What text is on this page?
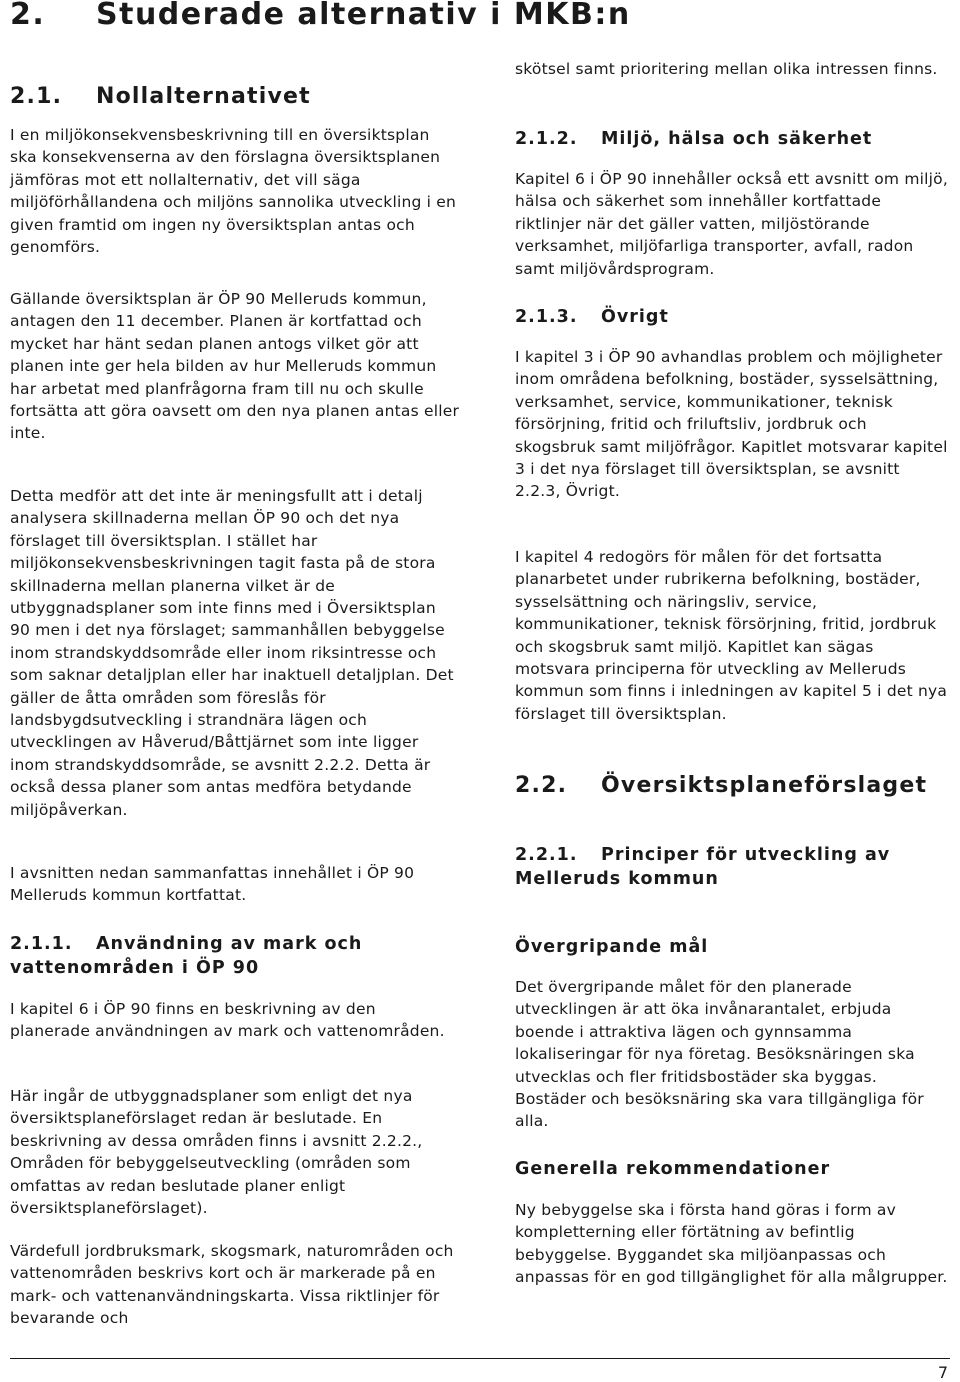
2. Studerade alternativ i MKB:n
2.1. Nollalternativet

I en miljökonsekvensbeskrivning till en översiktsplan ska konsekvenserna av den förslagna översiktsplanen jämföras mot ett nollalternativ, det vill säga miljöförhållandena och miljöns sannolika utveckling i en given framtid om ingen ny översiktsplan antas och genomförs.

Gällande översiktsplan är ÖP 90 Melleruds kommun, antagen den 11 december. Planen är kortfattad och mycket har hänt sedan planen antogs vilket gör att planen inte ger hela bilden av hur Melleruds kommun har arbetat med planfrågorna fram till nu och skulle fortsätta att göra oavsett om den nya planen antas eller inte.

Detta medför att det inte är meningsfullt att i detalj analysera skillnaderna mellan ÖP 90 och det nya förslaget till översiktsplan. I stället har miljökonsekvensbeskrivningen tagit fasta på de stora skillnaderna mellan planerna vilket är de utbyggnadsplaner som inte finns med i Översiktsplan 90 men i det nya förslaget; sammanhållen bebyggelse inom strandskyddsområde eller inom riksintresse och som saknar detaljplan eller har inaktuell detaljplan. Det gäller de åtta områden som föreslås för landsbygdsutveckling i strandnära lägen och utvecklingen av Håverud/Båttjärnet som inte ligger inom strandskyddsområde, se avsnitt 2.2.2. Detta är också dessa planer som antas medföra betydande miljöpåverkan.

I avsnitten nedan sammanfattas innehållet i ÖP 90 Melleruds kommun kortfattat.

2.1.1. Användning av mark och vattenområden i ÖP 90

I kapitel 6 i ÖP 90 finns en beskrivning av den planerade användningen av mark och vattenområden.

Här ingår de utbyggnadsplaner som enligt det nya översiktsplaneförslaget redan är beslutade. En beskrivning av dessa områden finns i avsnitt 2.2.2., Områden för bebyggelseutveckling (områden som omfattas av redan beslutade planer enligt översiktsplaneförslaget).

Värdefull jordbruksmark, skogsmark, naturområden och vattenområden beskrivs kort och är markerade på en mark- och vattenanvändningskarta. Vissa riktlinjer för bevarande och

skötsel samt prioritering mellan olika intressen finns.

2.1.2. Miljö, hälsa och säkerhet

Kapitel 6 i ÖP 90 innehåller också ett avsnitt om miljö, hälsa och säkerhet som innehåller kortfattade riktlinjer när det gäller vatten, miljöstörande verksamhet, miljöfarliga transporter, avfall, radon samt miljövårdsprogram.

2.1.3. Övrigt

I kapitel 3 i ÖP 90 avhandlas problem och möjligheter inom områdena befolkning, bostäder, sysselsättning, verksamhet, service, kommunikationer, teknisk försörjning, fritid och friluftsliv, jordbruk och skogsbruk samt miljöfrågor. Kapitlet motsvarar kapitel 3 i det nya förslaget till översiktsplan, se avsnitt 2.2.3, Övrigt.

I kapitel 4 redogörs för målen för det fortsatta planarbetet under rubrikerna befolkning, bostäder, sysselsättning och näringsliv, service, kommunikationer, teknisk försörjning, fritid, jordbruk och skogsbruk samt miljö. Kapitlet kan sägas motsvara principerna för utveckling av Melleruds kommun som finns i inledningen av kapitel 5 i det nya förslaget till översiktsplan.

2.2. Översiktsplaneförslaget
2.2.1. Principer för utveckling av Melleruds kommun
Övergripande mål

Det övergripande målet för den planerade utvecklingen är att öka invånarantalet, erbjuda boende i attraktiva lägen och gynnsamma lokaliseringar för nya företag. Besöksnäringen ska utvecklas och fler fritidsbostäder ska byggas. Bostäder och besöksnäring ska vara tillgängliga för alla.

Generella rekommendationer

Ny bebyggelse ska i första hand göras i form av kompletterning eller förtätning av befintlig bebyggelse. Byggandet ska miljöanpassas och anpassas för en god tillgänglighet för alla målgrupper.

7
